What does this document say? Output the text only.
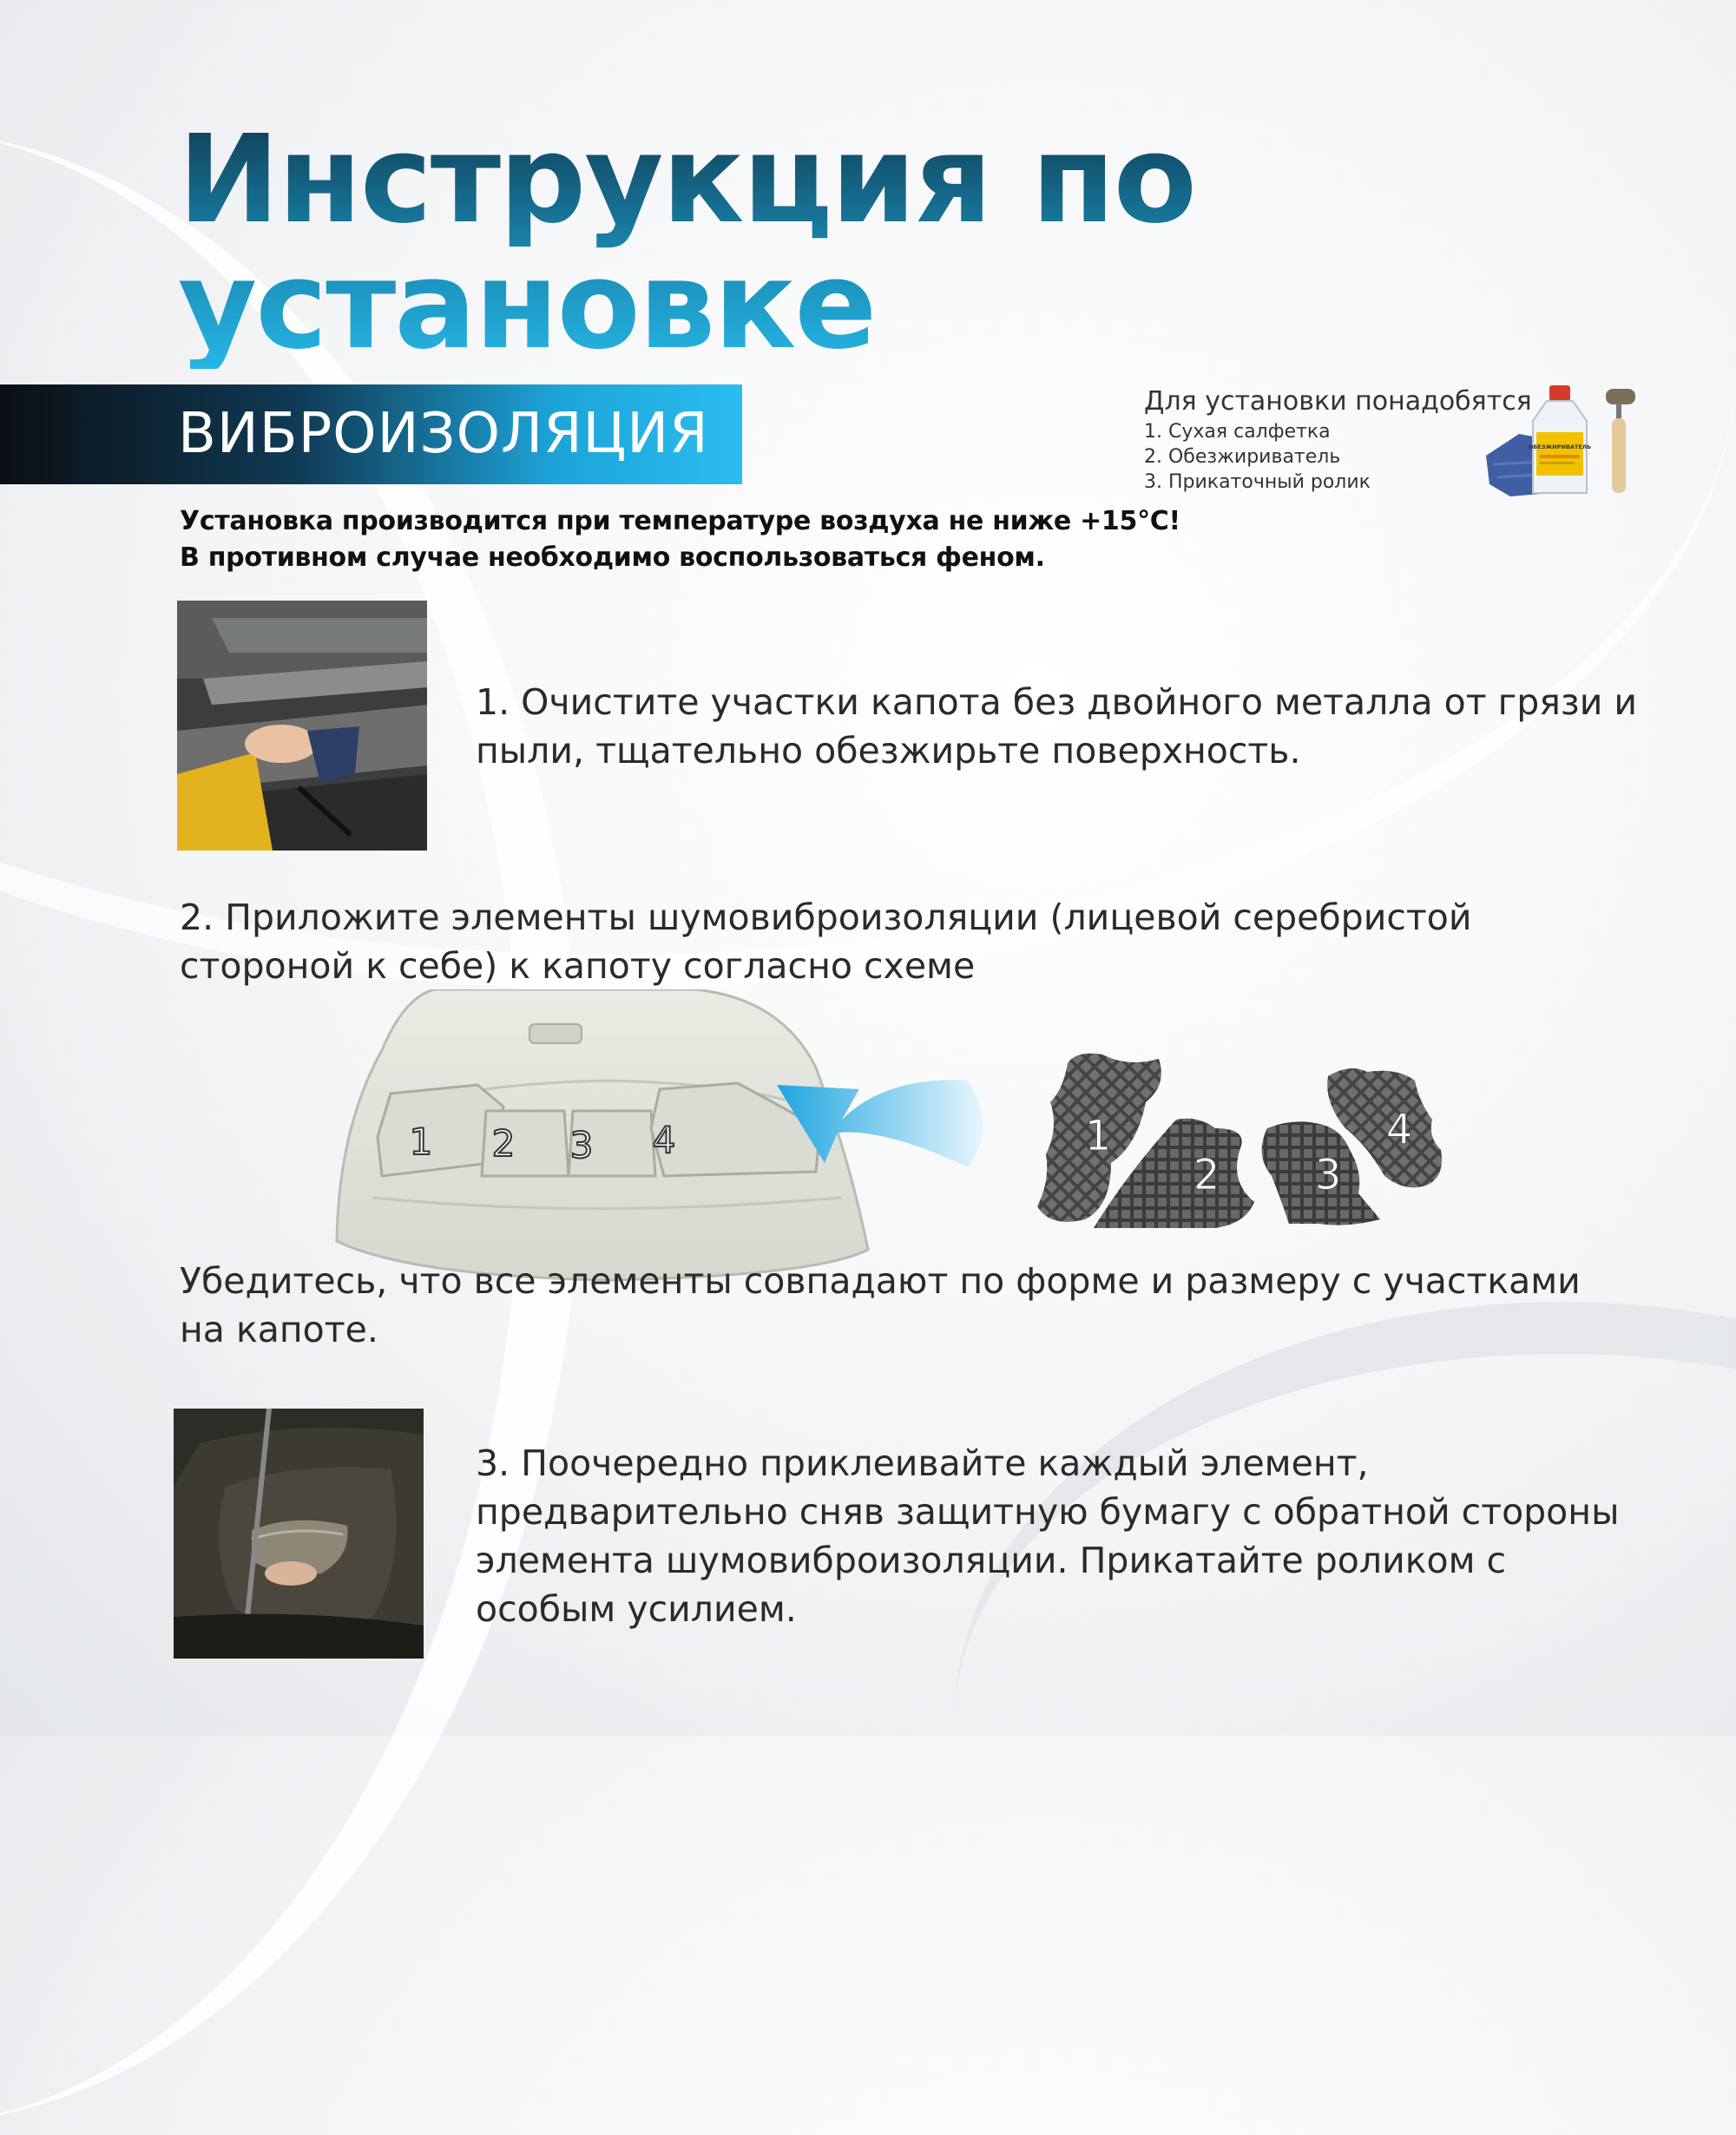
Инструкция по
установке
ВИБРОИЗОЛЯЦИЯ
Для установки понадобятся
1. Сухая салфетка
2. Обезжириватель
3. Прикаточный ролик
ОБЕЗЖИРИВАТЕЛЬ
Установка производится при температуре воздуха не ниже +15°C!
В противном случае необходимо воспользоваться феном.
1. Очистите участки капота без двойного металла от грязи и пыли, тщательно обезжирьте поверхность.
2. Приложите элементы шумовиброизоляции (лицевой серебристой стороной к себе) к капоту согласно схеме
1 2 3 4	1
2 3
4
Убедитесь, что все элементы совпадают по форме и размеру с участками на капоте.
3. Поочередно приклеивайте каждый элемент, предварительно сняв защитную бумагу с обратной стороны элемента шумовиброизоляции. Прикатайте роликом с особым усилием.
